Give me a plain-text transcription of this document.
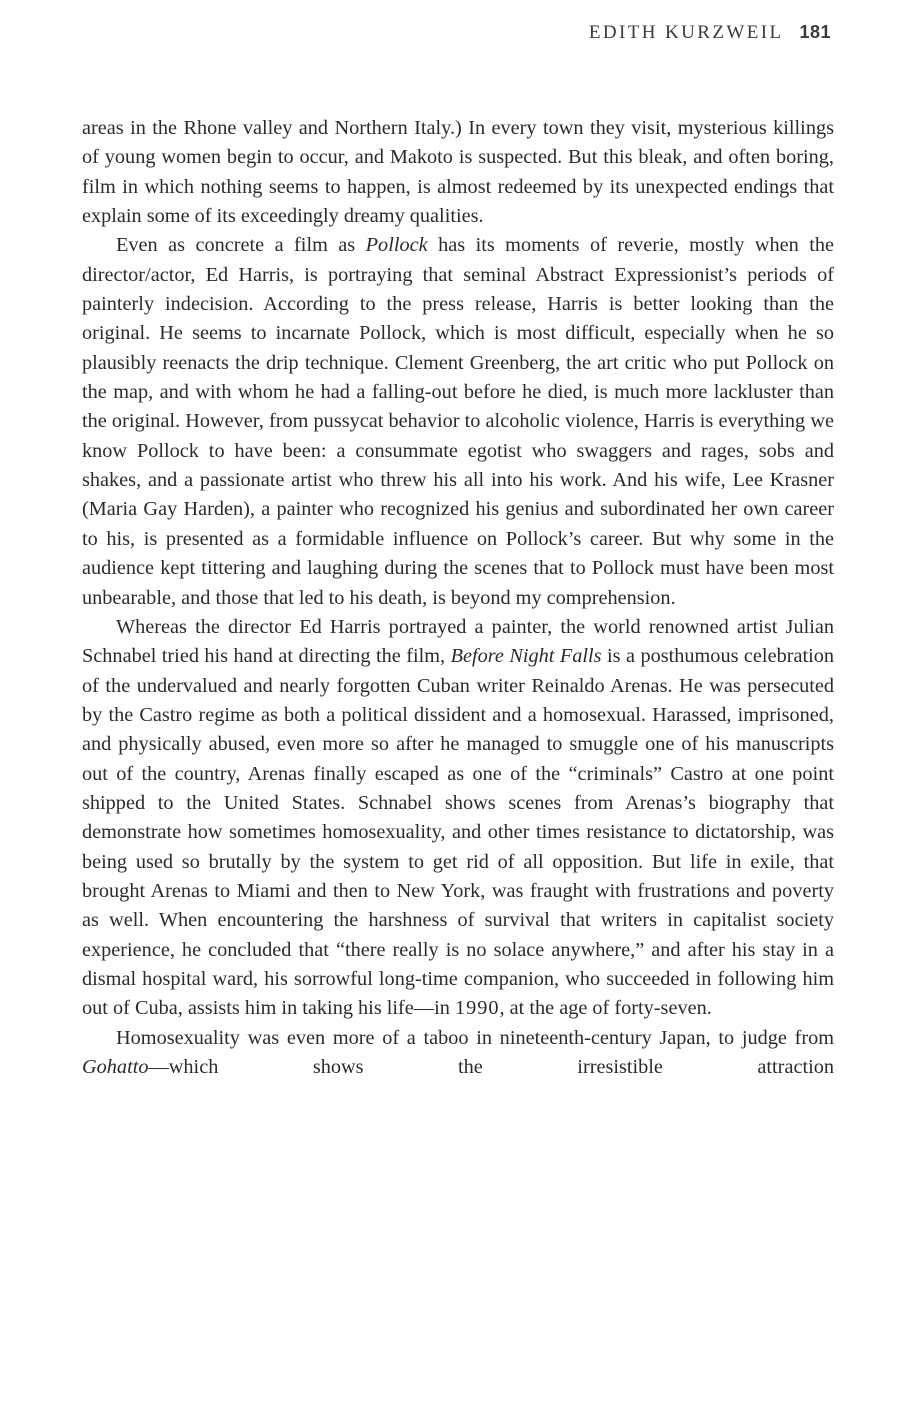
EDITH KURZWEIL 181

areas in the Rhone valley and Northern Italy.) In every town they visit, mysterious killings of young women begin to occur, and Makoto is suspected. But this bleak, and often boring, film in which nothing seems to happen, is almost redeemed by its unexpected endings that explain some of its exceedingly dreamy qualities.

Even as concrete a film as Pollock has its moments of reverie, mostly when the director/actor, Ed Harris, is portraying that seminal Abstract Expressionist’s periods of painterly indecision. According to the press release, Harris is better looking than the original. He seems to incarnate Pollock, which is most difficult, especially when he so plausibly reenacts the drip technique. Clement Greenberg, the art critic who put Pollock on the map, and with whom he had a falling-out before he died, is much more lackluster than the original. However, from pussycat behavior to alcoholic violence, Harris is everything we know Pollock to have been: a consummate egotist who swaggers and rages, sobs and shakes, and a passionate artist who threw his all into his work. And his wife, Lee Krasner (Maria Gay Harden), a painter who recognized his genius and subordinated her own career to his, is presented as a formidable influence on Pollock’s career. But why some in the audience kept tittering and laughing during the scenes that to Pollock must have been most unbearable, and those that led to his death, is beyond my comprehension.

Whereas the director Ed Harris portrayed a painter, the world renowned artist Julian Schnabel tried his hand at directing the film, Before Night Falls is a posthumous celebration of the undervalued and nearly forgotten Cuban writer Reinaldo Arenas. He was persecuted by the Castro regime as both a political dissident and a homosexual. Harassed, imprisoned, and physically abused, even more so after he managed to smuggle one of his manuscripts out of the country, Arenas finally escaped as one of the “criminals” Castro at one point shipped to the United States. Schnabel shows scenes from Arenas’s biography that demonstrate how sometimes homosexuality, and other times resistance to dictatorship, was being used so brutally by the system to get rid of all opposition. But life in exile, that brought Arenas to Miami and then to New York, was fraught with frustrations and poverty as well. When encountering the harshness of survival that writers in capitalist society experience, he concluded that “there really is no solace anywhere,” and after his stay in a dismal hospital ward, his sorrowful long-time companion, who succeeded in following him out of Cuba, assists him in taking his life—in 1990, at the age of forty-seven.

Homosexuality was even more of a taboo in nineteenth-century Japan, to judge from Gohatto—which shows the irresistible attraction
